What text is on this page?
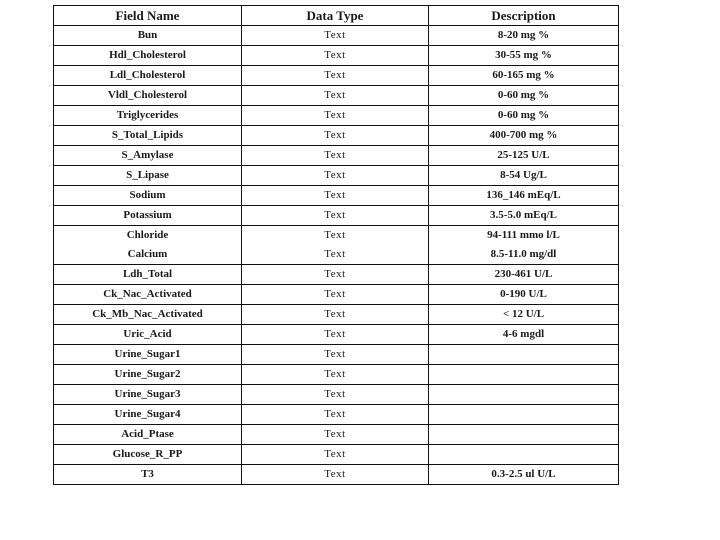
Field Name	Data Type	Description
Bun	Text	8-20 mg %
Hdl_Cholesterol	Text	30-55 mg %
Ldl_Cholesterol	Text	60-165 mg %
Vldl_Cholesterol	Text	0-60 mg %
Triglycerides	Text	0-60 mg %
S_Total_Lipids	Text	400-700 mg %
S_Amylase	Text	25-125 U/L
S_Lipase	Text	8-54 Ug/L
Sodium	Text	136_146 mEq/L
Potassium	Text	3.5-5.0 mEq/L
Chloride	Text	94-111 mmo l/L
Calcium	Text	8.5-11.0 mg/dl
Ldh_Total	Text	230-461 U/L
Ck_Nac_Activated	Text	0-190 U/L
Ck_Mb_Nac_Activated	Text	< 12 U/L
Uric_Acid	Text	4-6 mgdl
Urine_Sugar1	Text	
Urine_Sugar2	Text	
Urine_Sugar3	Text	
Urine_Sugar4	Text	
Acid_Ptase	Text	
Glucose_R_PP	Text	
T3	Text	0.3-2.5 ul U/L
